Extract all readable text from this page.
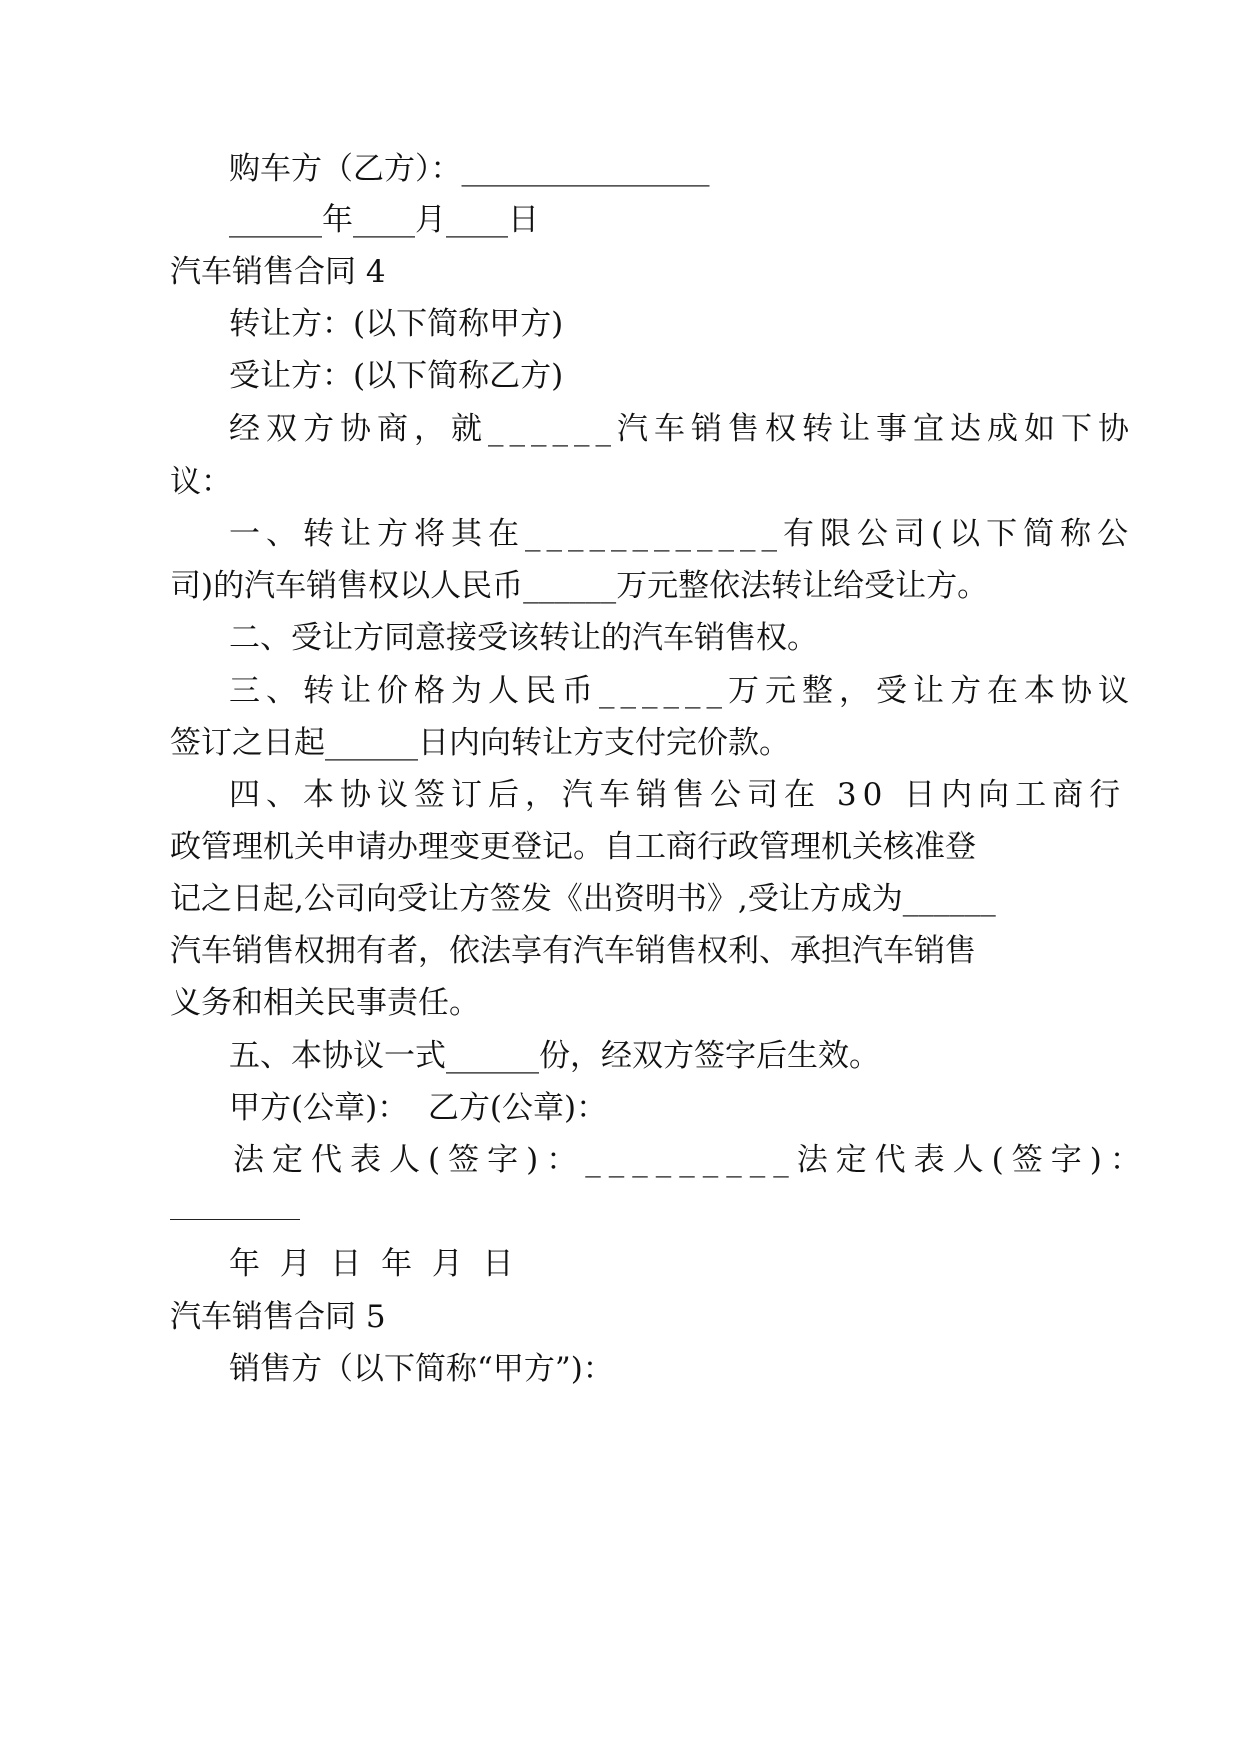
购车方（乙方）：________________
______年____月____日
汽车销售合同 4
转让方：(以下简称甲方)
受让方：(以下简称乙方)
经双方协商，就______汽车销售权转让事宜达成如下协
议：
一、转让方将其在____________有限公司(以下简称公
司)的汽车销售权以人民币______万元整依法转让给受让方。
二、受让方同意接受该转让的汽车销售权。
三、转让价格为人民币______万元整，受让方在本协议
签订之日起______日内向转让方支付完价款。
四、本协议签订后，汽车销售公司在 30 日内向工商行
政管理机关申请办理变更登记。自工商行政管理机关核准登
记之日起,公司向受让方签发《出资明书》,受让方成为______
汽车销售权拥有者，依法享有汽车销售权利、承担汽车销售
义务和相关民事责任。
五、本协议一式______份，经双方签字后生效。
甲方(公章)：  乙方(公章)：
法定代表人(签字)：_________法定代表人(签字)：
年  月  日  年  月  日
汽车销售合同 5
销售方（以下简称“甲方”)：
